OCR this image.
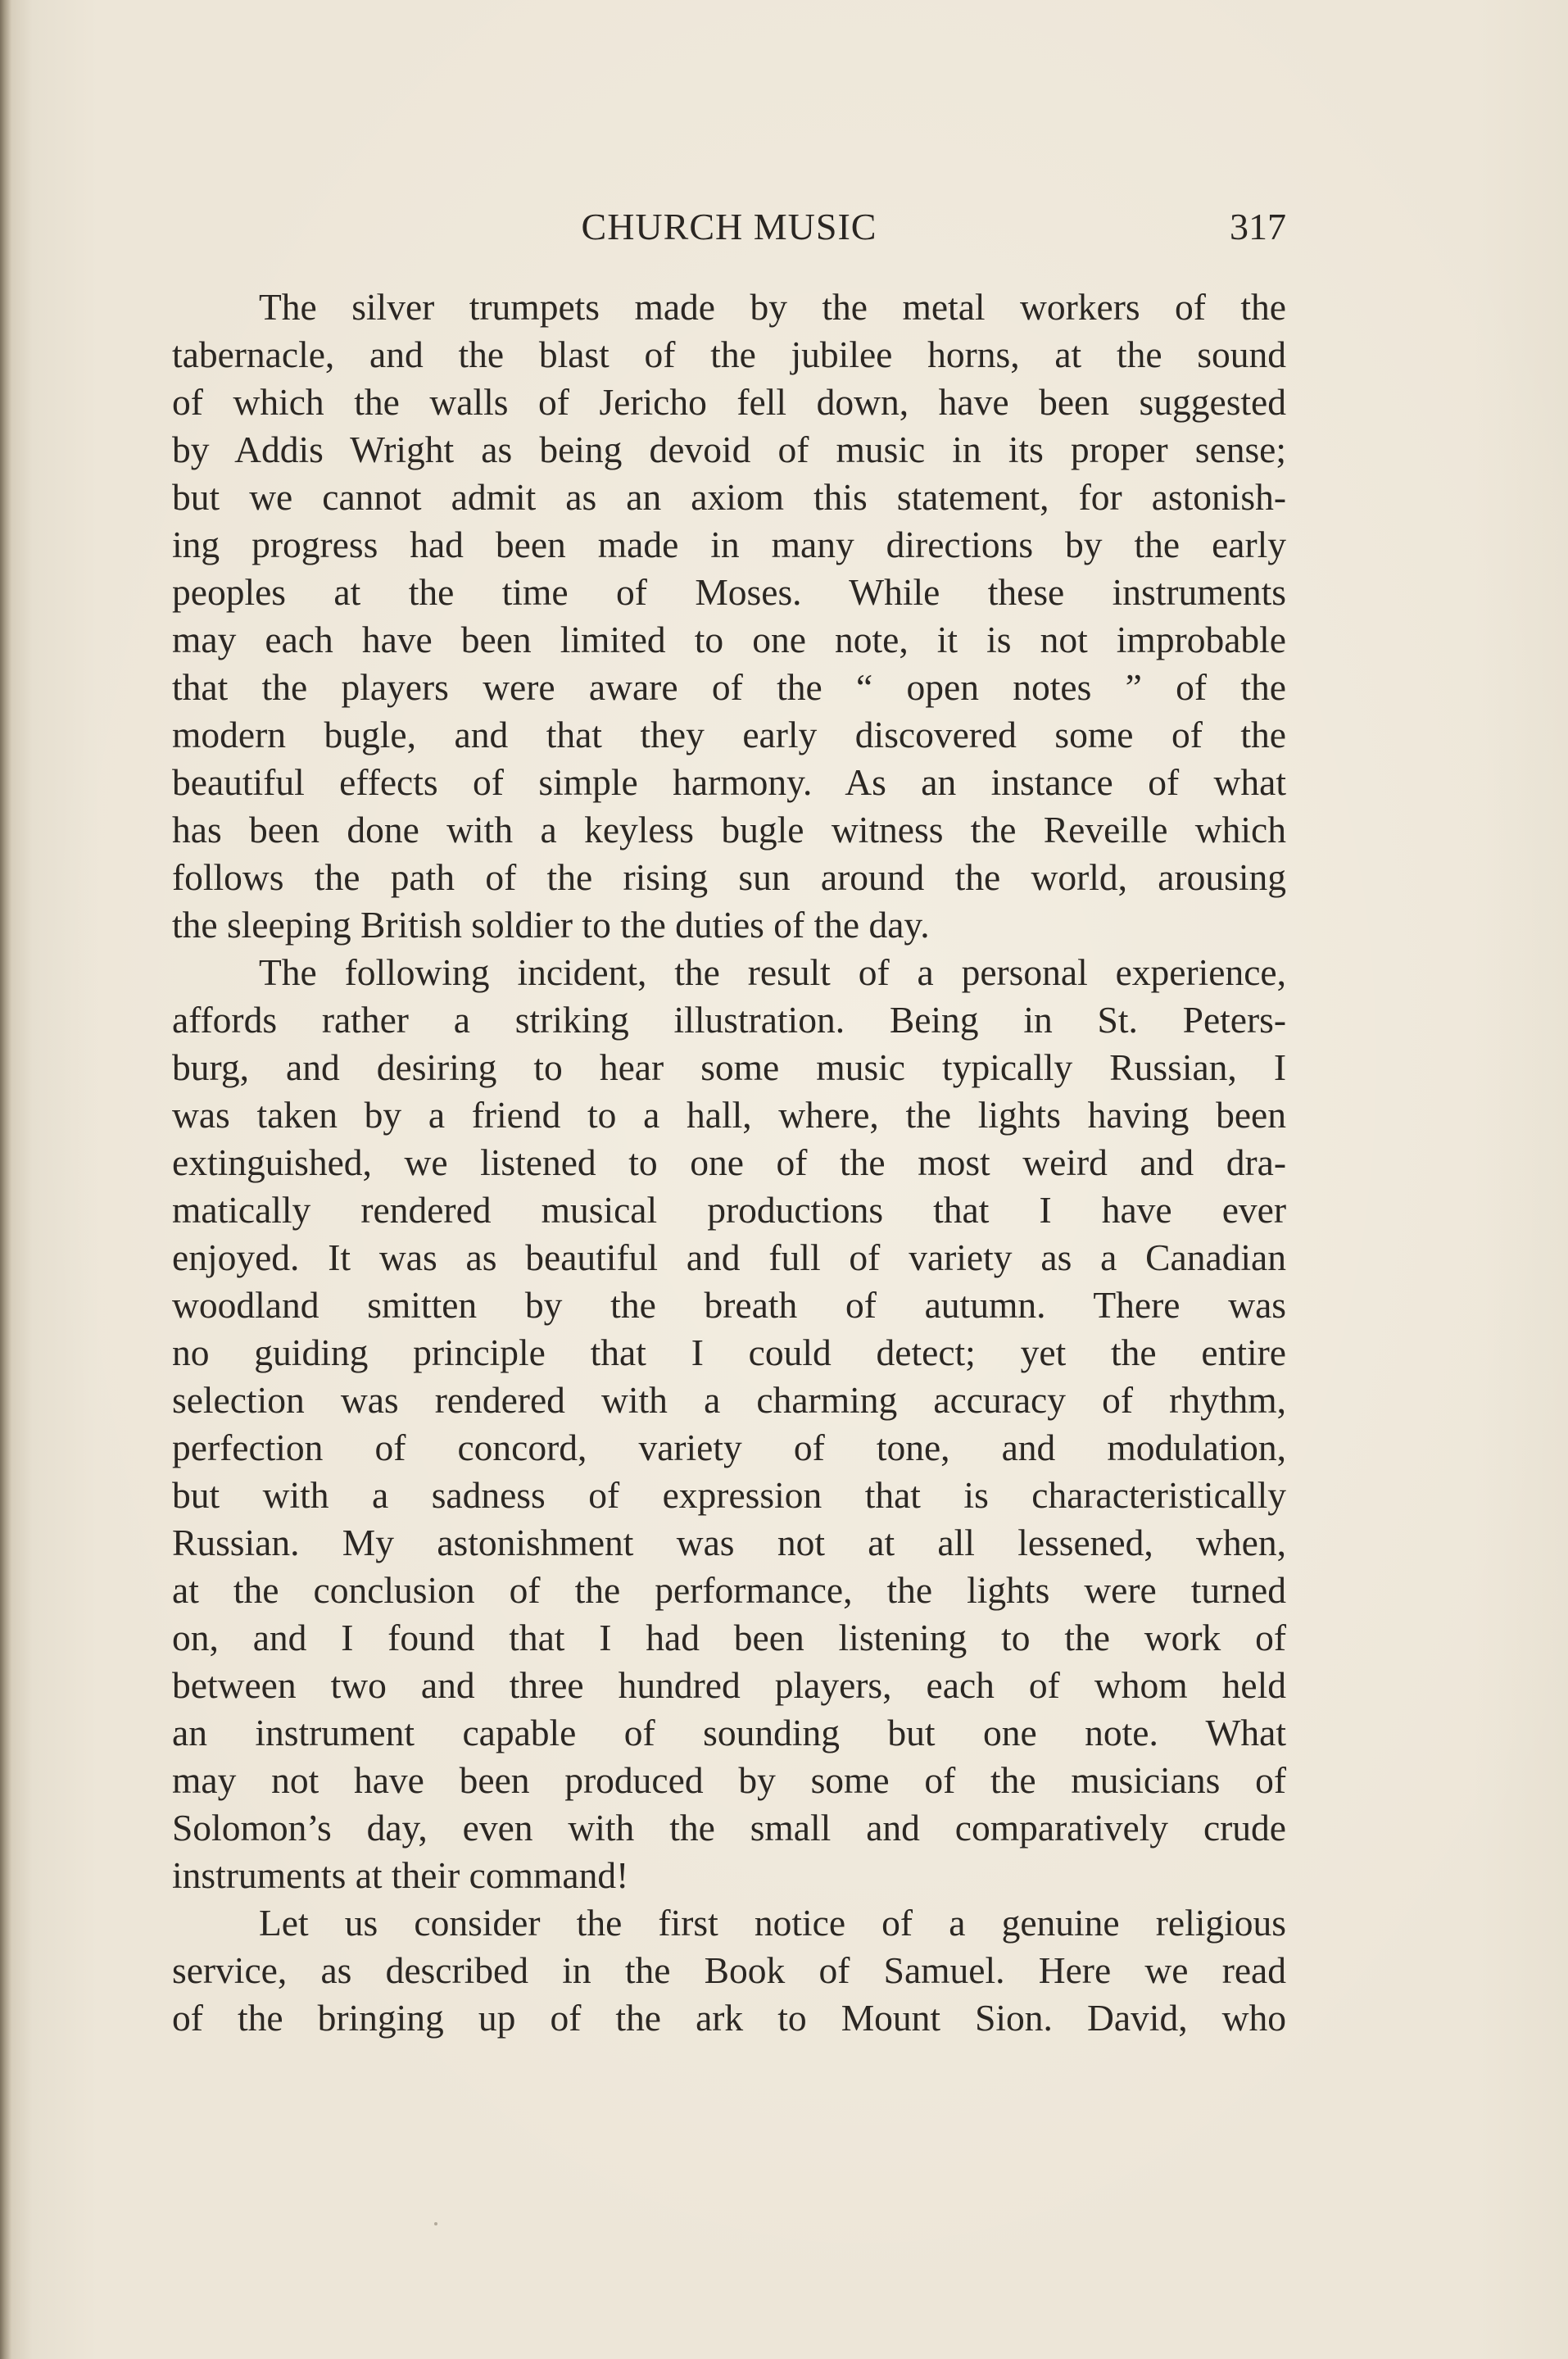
CHURCH MUSIC	317
The silver trumpets made by the metal workers of the
tabernacle, and the blast of the jubilee horns, at the sound
of which the walls of Jericho fell down, have been suggested
by Addis Wright as being devoid of music in its proper sense;
but we cannot admit as an axiom this statement, for astonish-
ing progress had been made in many directions by the early
peoples at the time of Moses. While these instruments
may each have been limited to one note, it is not improbable
that the players were aware of the “ open notes ” of the
modern bugle, and that they early discovered some of the
beautiful effects of simple harmony. As an instance of what
has been done with a keyless bugle witness the Reveille which
follows the path of the rising sun around the world, arousing
the sleeping British soldier to the duties of the day.
The following incident, the result of a personal experience,
affords rather a striking illustration. Being in St. Peters-
burg, and desiring to hear some music typically Russian, I
was taken by a friend to a hall, where, the lights having been
extinguished, we listened to one of the most weird and dra-
matically rendered musical productions that I have ever
enjoyed. It was as beautiful and full of variety as a Canadian
woodland smitten by the breath of autumn. There was
no guiding principle that I could detect; yet the entire
selection was rendered with a charming accuracy of rhythm,
perfection of concord, variety of tone, and modulation,
but with a sadness of expression that is characteristically
Russian. My astonishment was not at all lessened, when,
at the conclusion of the performance, the lights were turned
on, and I found that I had been listening to the work of
between two and three hundred players, each of whom held
an instrument capable of sounding but one note. What
may not have been produced by some of the musicians of
Solomon’s day, even with the small and comparatively crude
instruments at their command!
Let us consider the first notice of a genuine religious
service, as described in the Book of Samuel. Here we read
of the bringing up of the ark to Mount Sion. David, who
